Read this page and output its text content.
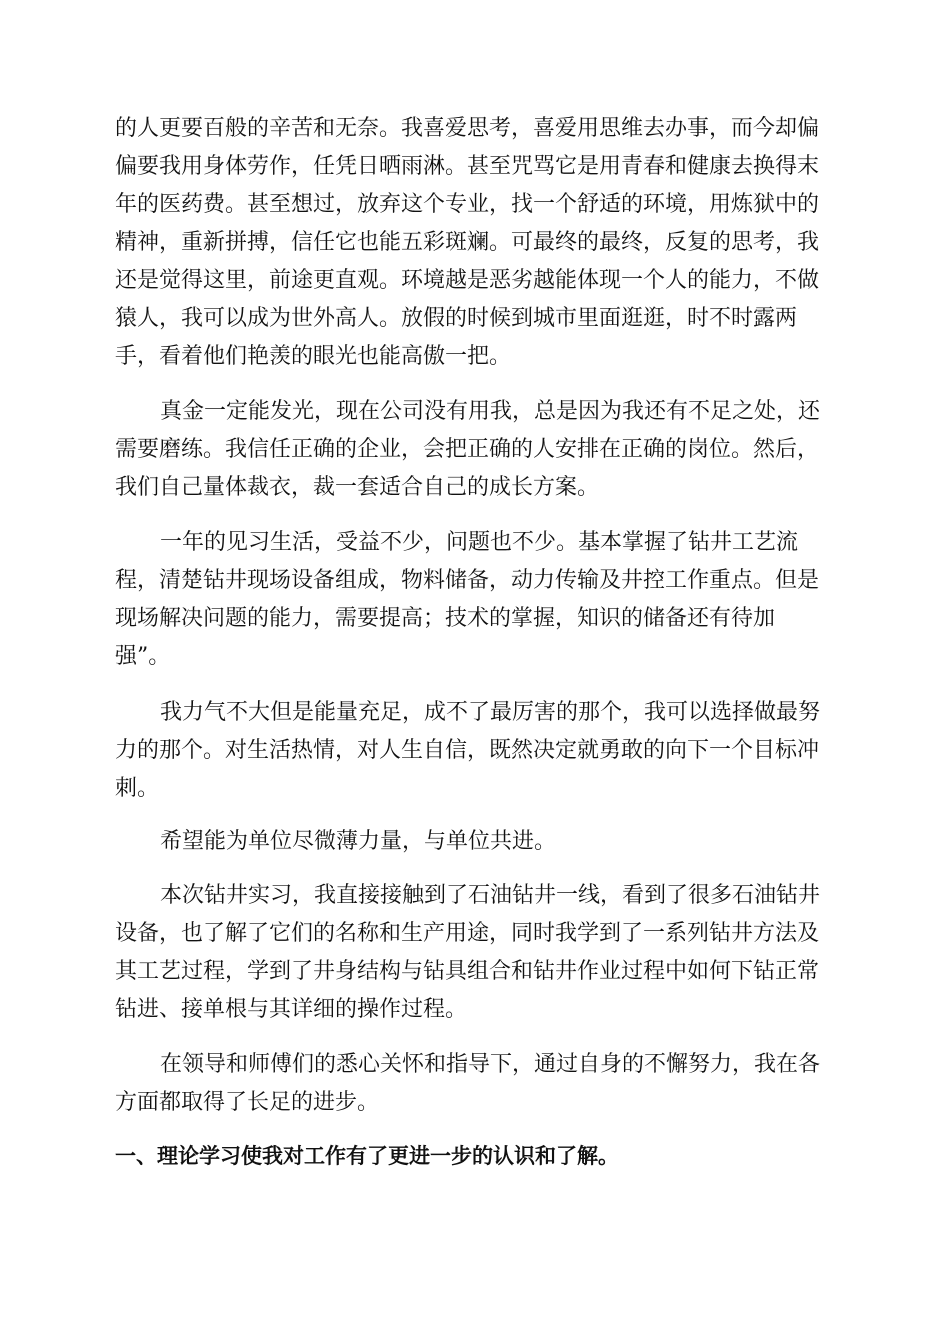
的人更要百般的辛苦和无奈。我喜爱思考，喜爱用思维去办事，而今却偏
偏要我用身体劳作，任凭日晒雨淋。甚至咒骂它是用青春和健康去换得末
年的医药费。甚至想过，放弃这个专业，找一个舒适的环境，用炼狱中的
精神，重新拼搏，信任它也能五彩斑斓。可最终的最终，反复的思考，我
还是觉得这里，前途更直观。环境越是恶劣越能体现一个人的能力，不做
猿人，我可以成为世外高人。放假的时候到城市里面逛逛，时不时露两
手，看着他们艳羡的眼光也能高傲一把。
真金一定能发光，现在公司没有用我，总是因为我还有不足之处，还
需要磨练。我信任正确的企业，会把正确的人安排在正确的岗位。然后，
我们自己量体裁衣，裁一套适合自己的成长方案。
一年的见习生活，受益不少，问题也不少。基本掌握了钻井工艺流
程，清楚钻井现场设备组成，物料储备，动力传输及井控工作重点。但是
现场解决问题的能力，需要提高；技术的掌握，知识的储备还有待加
强”。
我力气不大但是能量充足，成不了最厉害的那个，我可以选择做最努
力的那个。对生活热情，对人生自信，既然决定就勇敢的向下一个目标冲
刺。
希望能为单位尽微薄力量，与单位共进。
本次钻井实习，我直接接触到了石油钻井一线，看到了很多石油钻井
设备，也了解了它们的名称和生产用途，同时我学到了一系列钻井方法及
其工艺过程，学到了井身结构与钻具组合和钻井作业过程中如何下钻正常
钻进、接单根与其详细的操作过程。
在领导和师傅们的悉心关怀和指导下，通过自身的不懈努力，我在各
方面都取得了长足的进步。
一、理论学习使我对工作有了更进一步的认识和了解。
